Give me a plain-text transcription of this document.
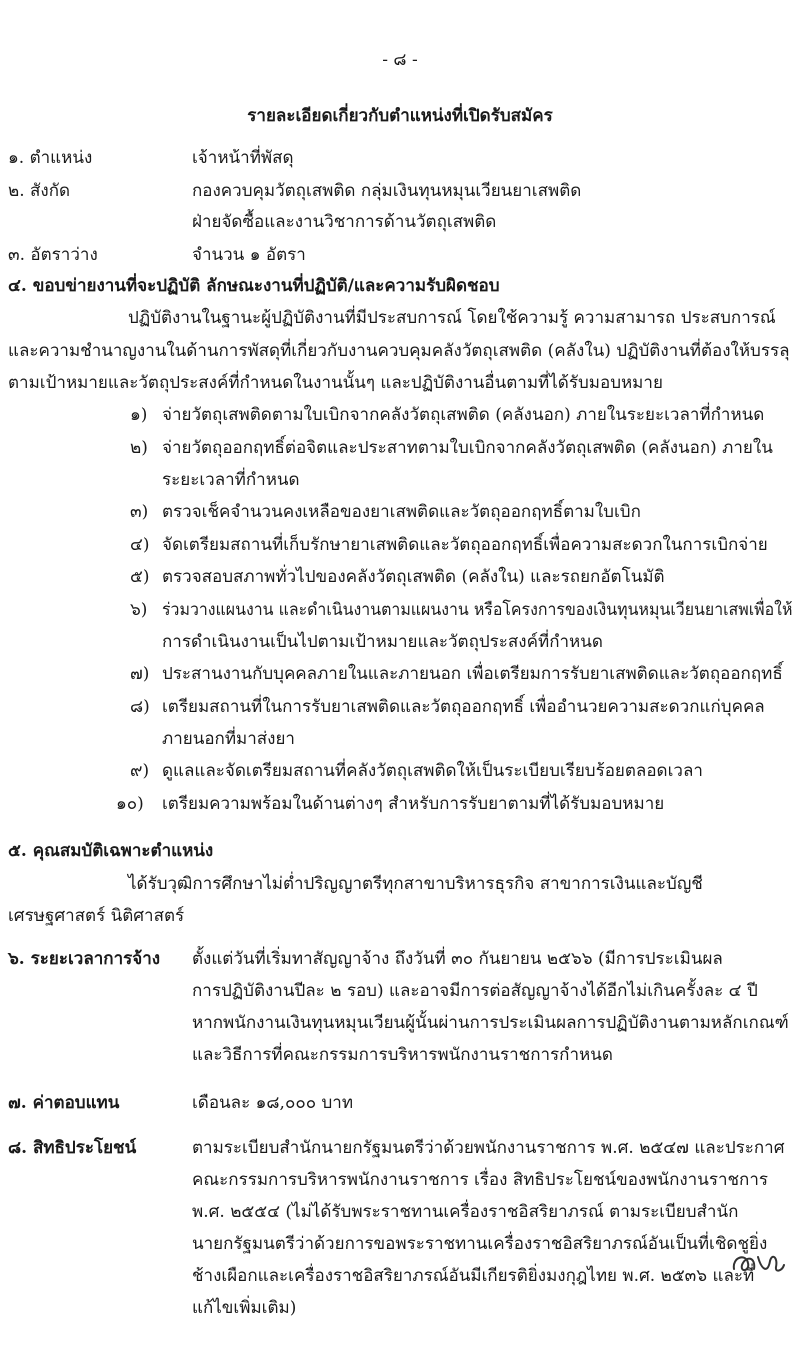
- ๘ -
รายละเอียดเกี่ยวกับตำแหน่งที่เปิดรับสมัคร
๑. ตำแหน่ง	เจ้าหน้าที่พัสดุ
๒. สังกัด	กองควบคุมวัตถุเสพติด กลุ่มเงินทุนหมุนเวียนยาเสพติด
ฝ่ายจัดซื้อและงานวิชาการด้านวัตถุเสพติด
๓. อัตราว่าง	จำนวน ๑ อัตรา
๔. ขอบข่ายงานที่จะปฏิบัติ ลักษณะงานที่ปฏิบัติ/และความรับผิดชอบ
ปฏิบัติงานในฐานะผู้ปฏิบัติงานที่มีประสบการณ์ โดยใช้ความรู้ ความสามารถ ประสบการณ์
และความชำนาญงานในด้านการพัสดุที่เกี่ยวกับงานควบคุมคลังวัตถุเสพติด (คลังใน) ปฏิบัติงานที่ต้องให้บรรลุ
ตามเป้าหมายและวัตถุประสงค์ที่กำหนดในงานนั้นๆ และปฏิบัติงานอื่นตามที่ได้รับมอบหมาย
๑) จ่ายวัตถุเสพติดตามใบเบิกจากคลังวัตถุเสพติด (คลังนอก) ภายในระยะเวลาที่กำหนด
๒) จ่ายวัตถุออกฤทธิ์ต่อจิตและประสาทตามใบเบิกจากคลังวัตถุเสพติด (คลังนอก) ภายใน
ระยะเวลาที่กำหนด
๓) ตรวจเช็คจำนวนคงเหลือของยาเสพติดและวัตถุออกฤทธิ์ตามใบเบิก
๔) จัดเตรียมสถานที่เก็บรักษายาเสพติดและวัตถุออกฤทธิ์เพื่อความสะดวกในการเบิกจ่าย
๕) ตรวจสอบสภาพทั่วไปของคลังวัตถุเสพติด (คลังใน) และรถยกอัตโนมัติ
๖) ร่วมวางแผนงาน และดำเนินงานตามแผนงาน หรือโครงการของเงินทุนหมุนเวียนยาเสพเพื่อให้
การดำเนินงานเป็นไปตามเป้าหมายและวัตถุประสงค์ที่กำหนด
๗) ประสานงานกับบุคคลภายในและภายนอก เพื่อเตรียมการรับยาเสพติดและวัตถุออกฤทธิ์
๘) เตรียมสถานที่ในการรับยาเสพติดและวัตถุออกฤทธิ์ เพื่ออำนวยความสะดวกแก่บุคคล
ภายนอกที่มาส่งยา
๙) ดูแลและจัดเตรียมสถานที่คลังวัตถุเสพติดให้เป็นระเบียบเรียบร้อยตลอดเวลา
๑๐) เตรียมความพร้อมในด้านต่างๆ สำหรับการรับยาตามที่ได้รับมอบหมาย
๕. คุณสมบัติเฉพาะตำแหน่ง
ได้รับวุฒิการศึกษาไม่ต่ำปริญญาตรีทุกสาขาบริหารธุรกิจ สาขาการเงินและบัญชี
เศรษฐศาสตร์ นิติศาสตร์
๖. ระยะเวลาการจ้าง ตั้งแต่วันที่เริ่มทาสัญญาจ้าง ถึงวันที่ ๓๐ กันยายน ๒๕๖๖ (มีการประเมินผล
การปฏิบัติงานปีละ ๒ รอบ) และอาจมีการต่อสัญญาจ้างได้อีกไม่เกินครั้งละ ๔ ปี
หากพนักงานเงินทุนหมุนเวียนผู้นั้นผ่านการประเมินผลการปฏิบัติงานตามหลักเกณฑ์
และวิธีการที่คณะกรรมการบริหารพนักงานราชการกำหนด
๗. ค่าตอบแทน	เดือนละ ๑๘,๐๐๐ บาท
๘. สิทธิประโยชน์	ตามระเบียบสำนักนายกรัฐมนตรีว่าด้วยพนักงานราชการ พ.ศ. ๒๕๔๗ และประกาศ
คณะกรรมการบริหารพนักงานราชการ เรื่อง สิทธิประโยชน์ของพนักงานราชการ
พ.ศ. ๒๕๕๔ (ไม่ได้รับพระราชทานเครื่องราชอิสริยาภรณ์ ตามระเบียบสำนัก
นายกรัฐมนตรีว่าด้วยการขอพระราชทานเครื่องราชอิสริยาภรณ์อันเป็นที่เชิดชูยิ่ง
ช้างเผือกและเครื่องราชอิสริยาภรณ์อันมีเกียรติยิ่งมงกุฎไทย พ.ศ. ๒๕๓๖ และที่
แก้ไขเพิ่มเติม)
